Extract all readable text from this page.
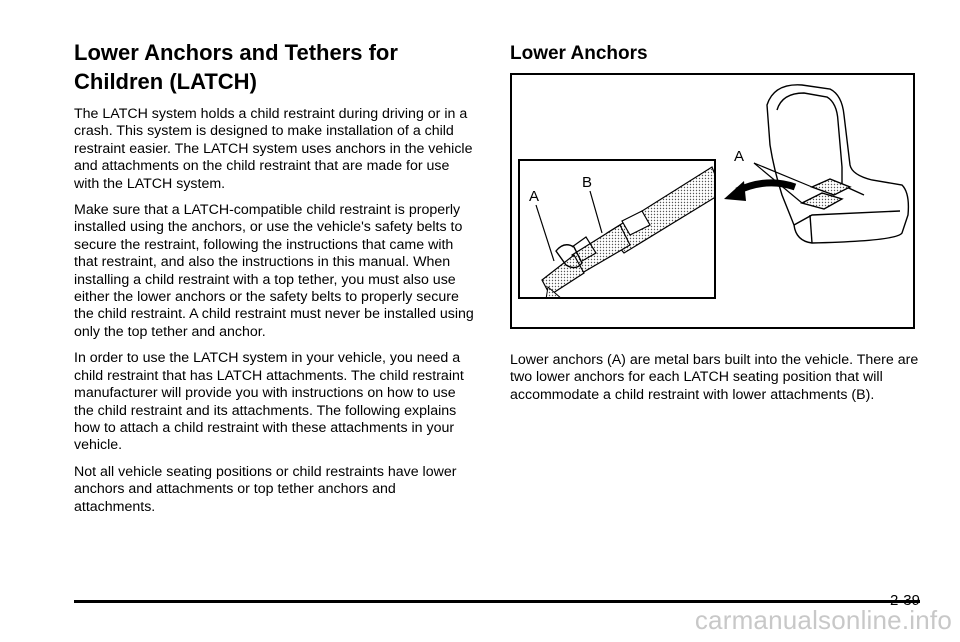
Lower Anchors and Tethers for Children (LATCH)

The LATCH system holds a child restraint during driving or in a crash. This system is designed to make installation of a child restraint easier. The LATCH system uses anchors in the vehicle and attachments on the child restraint that are made for use with the LATCH system.

Make sure that a LATCH-compatible child restraint is properly installed using the anchors, or use the vehicle's safety belts to secure the restraint, following the instructions that came with that restraint, and also the instructions in this manual. When installing a child restraint with a top tether, you must also use either the lower anchors or the safety belts to properly secure the child restraint. A child restraint must never be installed using only the top tether and anchor.

In order to use the LATCH system in your vehicle, you need a child restraint that has LATCH attachments. The child restraint manufacturer will provide you with instructions on how to use the child restraint and its attachments. The following explains how to attach a child restraint with these attachments in your vehicle.

Not all vehicle seating positions or child restraints have lower anchors and attachments or top tether anchors and attachments.

Lower Anchors
A
A
B

Lower anchors (A) are metal bars built into the vehicle. There are two lower anchors for each LATCH seating position that will accommodate a child restraint with lower attachments (B).

2-39
carmanualsonline.info
